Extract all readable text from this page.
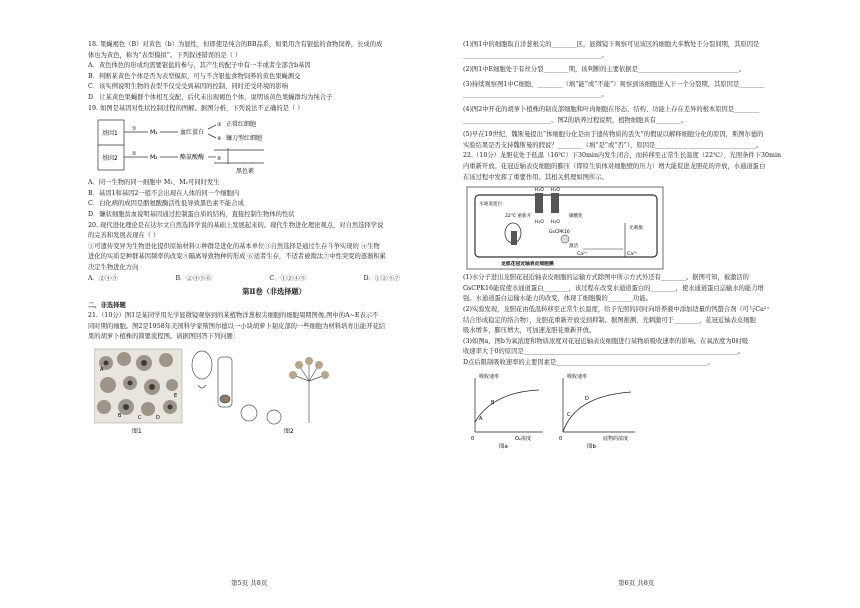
18. 果蝇褐色（B）对黄色（b）为显性，但即使是纯合的BB品系，如果用含有银盐的食物饲养，长成的成
体也为黄色，称为“表型模拟”。下列叙述错误的是（ ）
A．黄色体色的形成均需要银盐的参与，其产生的配子中有一半或者全部含b基因
B．判断某黄色个体是否为表型模拟，可与不含银盐食物饲养的黄色果蝇测交
C．该实例说明生物的表型不仅受受到基因的控制，同时还受环境的影响
D．让某黄色果蝇群个体相互交配，后代未出现褐色个体，说明该黄色果蝇群均为纯合子
19. 如图是基因对性状控制过程的图解。据图分析，下列说法不正确的是（ ）
基因1
基因2
①
②
M₁
M₂
血红蛋白
酪氨酸酶
③
④
正常红细胞
镰刀型红细胞
⑤
黑色素
A．同一生物的同一细胞中 M₁、M₂可同时发生
B．基因1和基因2一般不会出现在人体的同一个细胞内
C．白化病的成因是酪氨酸酶活性低导致黑色素不能合成
D．镰状细胞贫血说明基因通过控制蛋白质的结构，直接控制生物体的性状
20. 现代进化理论是在达尔文自然选择学说的基础上发展起来的。现代生物进化理论观点，对自然选择学说
的完善和发展表现在（ ）
①可遗传变异为生物进化提供原始材料②种群是进化的基本单位③自然选择是通过生存斗争实现的 ④生物
进化的实质是种群基因频率的改变⑤隔离导致物种的形成 ⑥适者生存，不适者被淘汰⑦中性突变的逐渐积累
决定生物进化方向
A．②④⑤	B．②④⑤⑥	C．①②④⑤	D．①②⑤⑦
第Ⅱ卷（非选择题）
二、非选择题
21.（10分）图1是某同学用光学显微镜观察到的某植物洋葱根尖细胞的细胞周期图像,图中的A~E表示不
同时期的细胞。图2是1958年美国科学家斯图尔德以一小块胡萝卜韧皮部的一些细胞为材料培育出能开花结
果的胡萝卜植株的简要流程图。请据图回答下列问题：
A
B	C	D
E
图1	图2
第5页 共8页
(1)图1中的细胞取自洋葱根尖的________区，显微镜下观察可见该区的细胞大多数处于分裂间期，其原因是
____________________________________________。
(2)图1中E细胞处于有丝分裂________期，该判断的主要依据是________________________________。
(3)持续观察图1中C细胞，________（填“能”或“不能”）观察到该细胞进入下一个分裂期，其原因是________
____________________________________________。
(4)图2中开花的胡萝卜植株的韧皮部细胞和叶肉细胞在形态、结构、功能上存在差异的根本原因是________
____________________________。图2的培养过程说明，植物细胞具有________。
(5)早在19世纪，魏斯曼提出“体细胞分化是由于遗传物质的丢失”的假说以解释细胞分化的原因，斯图尔德的
实验结果是否支持魏斯曼的假说？________（填“是”或“否”），原因是________________________________。
22.（10分）龙胆花处于低温（16℃）下30min内发生闭合，而转移至正常生长温度（22℃）、光照条件下30min
内重新开放。花冠近轴表皮细胞的膨压（即原生质体对细胞壁的压力）增大能促进龙胆花的开放，水通道蛋白
在该过程中发挥了重要作用。其相关机理如图所示。
水通道蛋白
H₂O H₂O
H₂O H₂O
22℃ 重新开	磷酸化
GsCPK16
激活
光刺激
Ca²⁺	Ca²⁺
龙胆花冠近轴表皮细胞膜
(1)水分子进出龙胆花冠近轴表皮细胞的运输方式除图中所示方式外还有________。据图可知，被激活的
GsCPK16能促使水通道蛋白________，该过程在改变水通道蛋白的________，使水通道蛋白运输水的能力增
强。水通道蛋白运输水能力的改变，体现了细胞膜的________功能。
(2)实验发现，龙胆花由低温转移至正常生长温度，给予光照的同时向培养液中添加适量的钙螯合剂（可与Ca²⁺
结合形成稳定的络合物），龙胆花重新开放受到抑制。据图推测，光刺激可于________，花冠近轴表皮细胞
吸水增多，膨压增大，可加速龙胆花重新开放。
(3)如图a、图b为氧浓度和物质浓度对花冠近轴表皮细胞进行某物质吸收速率的影响。在氧浓度为0时吸
收速率大于0的原因是____________________________________________________________________。
D点后限制吸收速率的主要因素是________________________________________________。
吸收速率
O₂浓度
0
A
B
图a
吸收速率
底物的浓度
0
C
D
图b
第6页 共8页
